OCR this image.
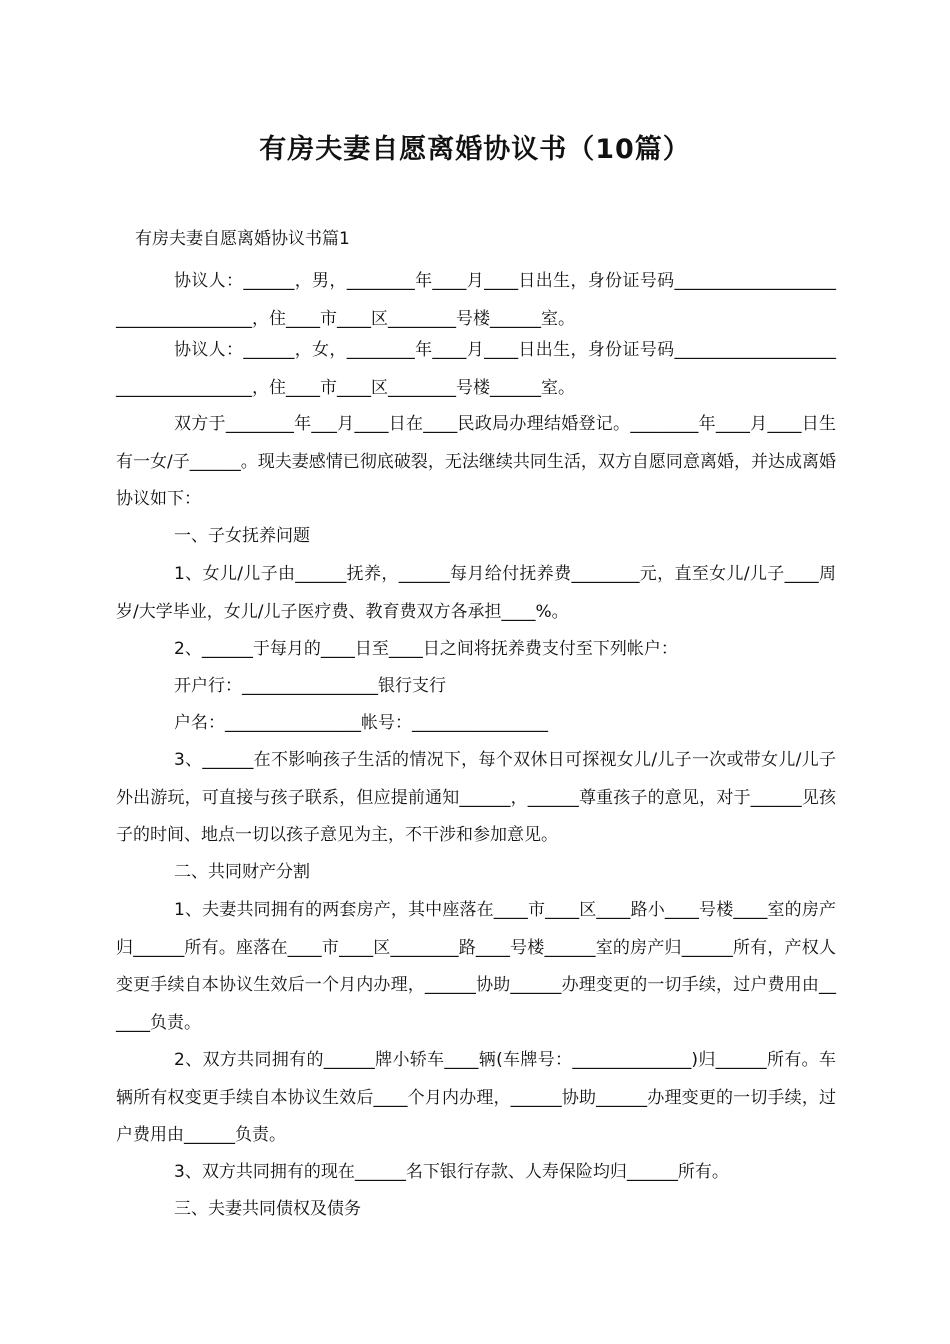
有房夫妻自愿离婚协议书（10篇）
有房夫妻自愿离婚协议书篇1

协议人：______，男，________年____月____日出生，身份证号码___________________________________，住____市____区________号楼______室。

协议人：______，女，________年____月____日出生，身份证号码___________________________________，住____市____区________号楼______室。

双方于________年___月____日在____民政局办理结婚登记。________年____月____日生有一女/子______。现夫妻感情已彻底破裂，无法继续共同生活，双方自愿同意离婚，并达成离婚协议如下：

一、子女抚养问题

1、女儿/儿子由______抚养，______每月给付抚养费________元，直至女儿/儿子____周岁/大学毕业，女儿/儿子医疗费、教育费双方各承担____%。

2、______于每月的____日至____日之间将抚养费支付至下列帐户：

开户行：________________银行支行

户名：________________帐号：________________

3、______在不影响孩子生活的情况下，每个双休日可探视女儿/儿子一次或带女儿/儿子外出游玩，可直接与孩子联系，但应提前通知______，______尊重孩子的意见，对于______见孩子的时间、地点一切以孩子意见为主，不干涉和参加意见。

二、共同财产分割

1、夫妻共同拥有的两套房产，其中座落在____市____区____路小____号楼____室的房产归______所有。座落在____市____区________路____号楼______室的房产归______所有，产权人变更手续自本协议生效后一个月内办理，______协助______办理变更的一切手续，过户费用由______负责。

2、双方共同拥有的______牌小轿车____辆(车牌号：______________)归______所有。车辆所有权变更手续自本协议生效后____个月内办理，______协助______办理变更的一切手续，过户费用由______负责。

3、双方共同拥有的现在______名下银行存款、人寿保险均归______所有。

三、夫妻共同债权及债务
